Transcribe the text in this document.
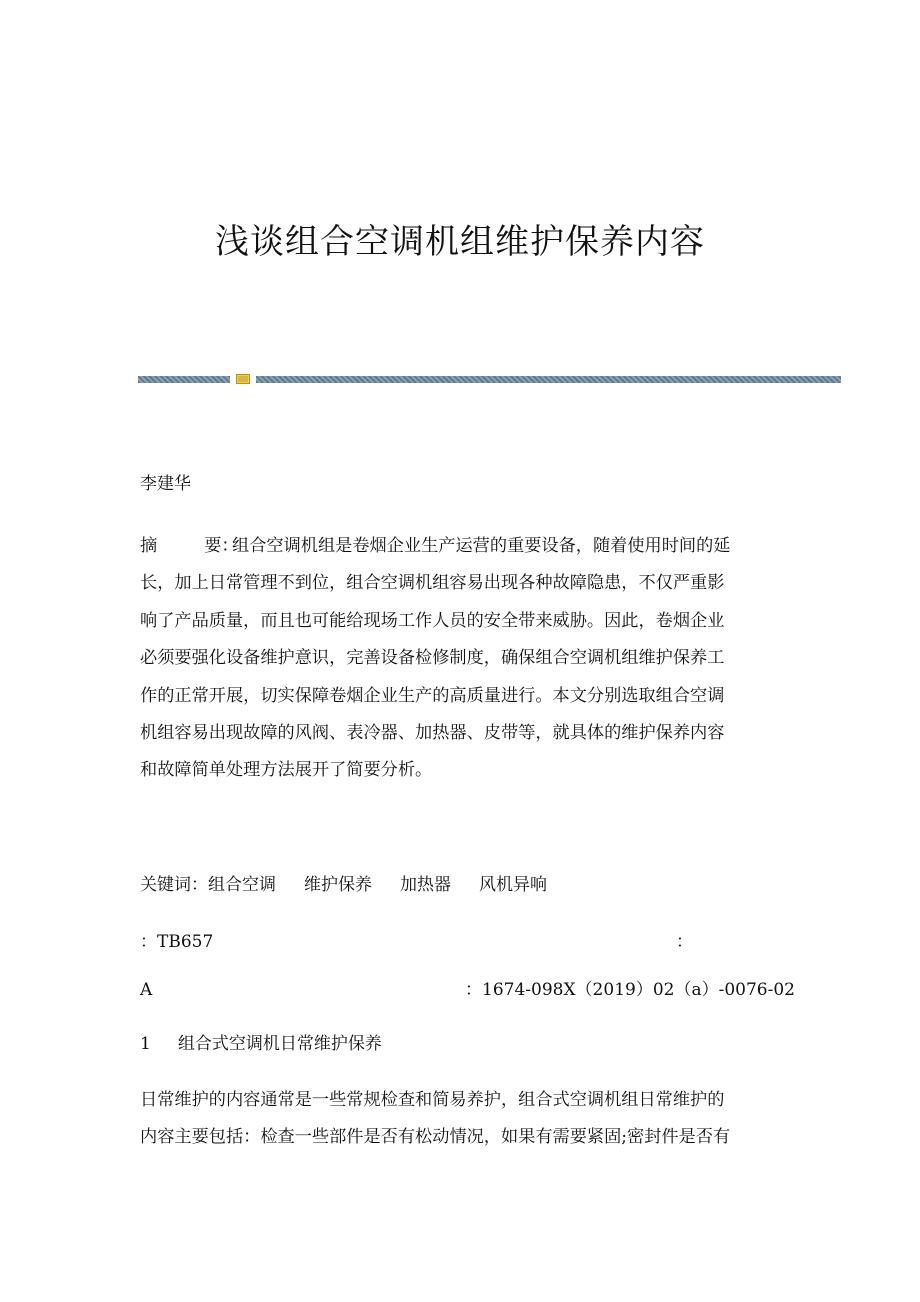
浅谈组合空调机组维护保养内容
李建华
摘	要：组合空调机组是卷烟企业生产运营的重要设备，随着使用时间的延
长，加上日常管理不到位，组合空调机组容易出现各种故障隐患，不仅严重影
响了产品质量，而且也可能给现场工作人员的安全带来威胁。因此，卷烟企业
必须要强化设备维护意识，完善设备检修制度，确保组合空调机组维护保养工
作的正常开展，切实保障卷烟企业生产的高质量进行。本文分别选取组合空调
机组容易出现故障的风阀、表冷器、加热器、皮带等，就具体的维护保养内容
和故障简单处理方法展开了简要分析。
关键词：组合空调 维护保养 加热器 风机异响
：TB657	：
A	：1674-098X（2019）02（a）-0076-02
1 组合式空调机日常维护保养
日常维护的内容通常是一些常规检查和简易养护，组合式空调机组日常维护的
内容主要包括：检查一些部件是否有松动情况，如果有需要紧固;密封件是否有
